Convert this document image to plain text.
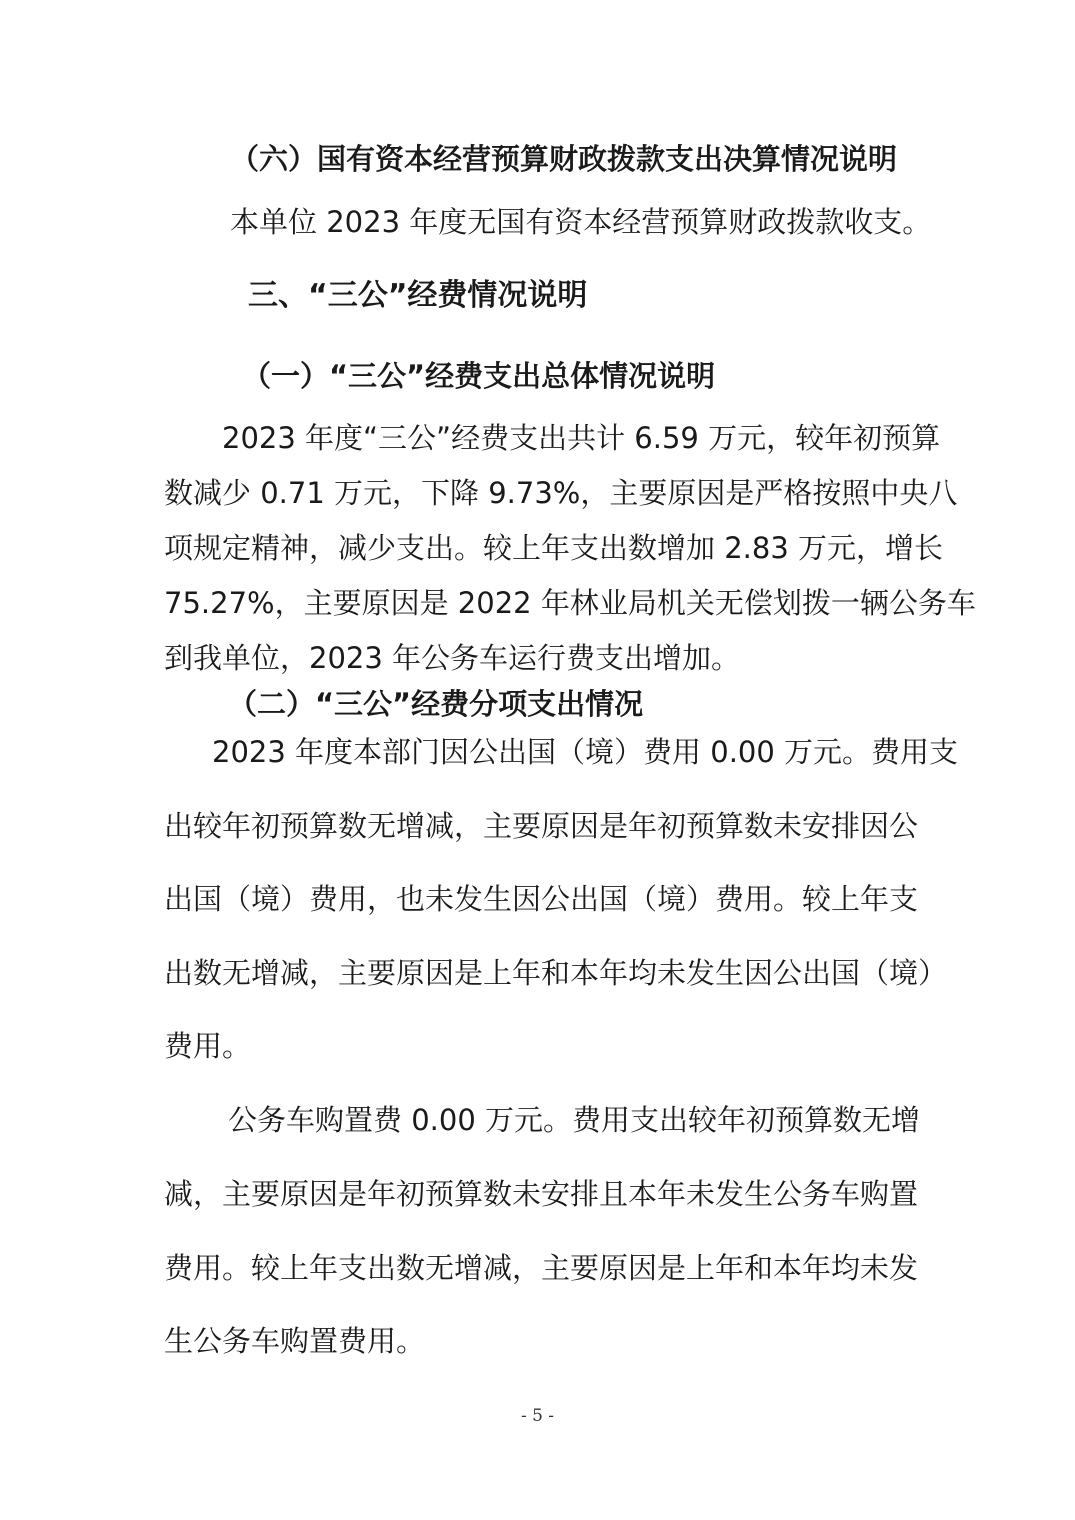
（六）国有资本经营预算财政拨款支出决算情况说明
本单位 2023 年度无国有资本经营预算财政拨款收支。
三、“三公”经费情况说明
（一）“三公”经费支出总体情况说明
2023 年度“三公”经费支出共计 6.59 万元，较年初预算
数减少 0.71 万元，下降 9.73%，主要原因是严格按照中央八
项规定精神，减少支出。较上年支出数增加 2.83 万元，增长
75.27%，主要原因是 2022 年林业局机关无偿划拨一辆公务车
到我单位，2023 年公务车运行费支出增加。
（二）“三公”经费分项支出情况
2023 年度本部门因公出国（境）费用 0.00 万元。费用支
出较年初预算数无增减，主要原因是年初预算数未安排因公
出国（境）费用，也未发生因公出国（境）费用。较上年支
出数无增减，主要原因是上年和本年均未发生因公出国（境）
费用。
公务车购置费 0.00 万元。费用支出较年初预算数无增
减，主要原因是年初预算数未安排且本年未发生公务车购置
费用。较上年支出数无增减，主要原因是上年和本年均未发
生公务车购置费用。
- 5 -
